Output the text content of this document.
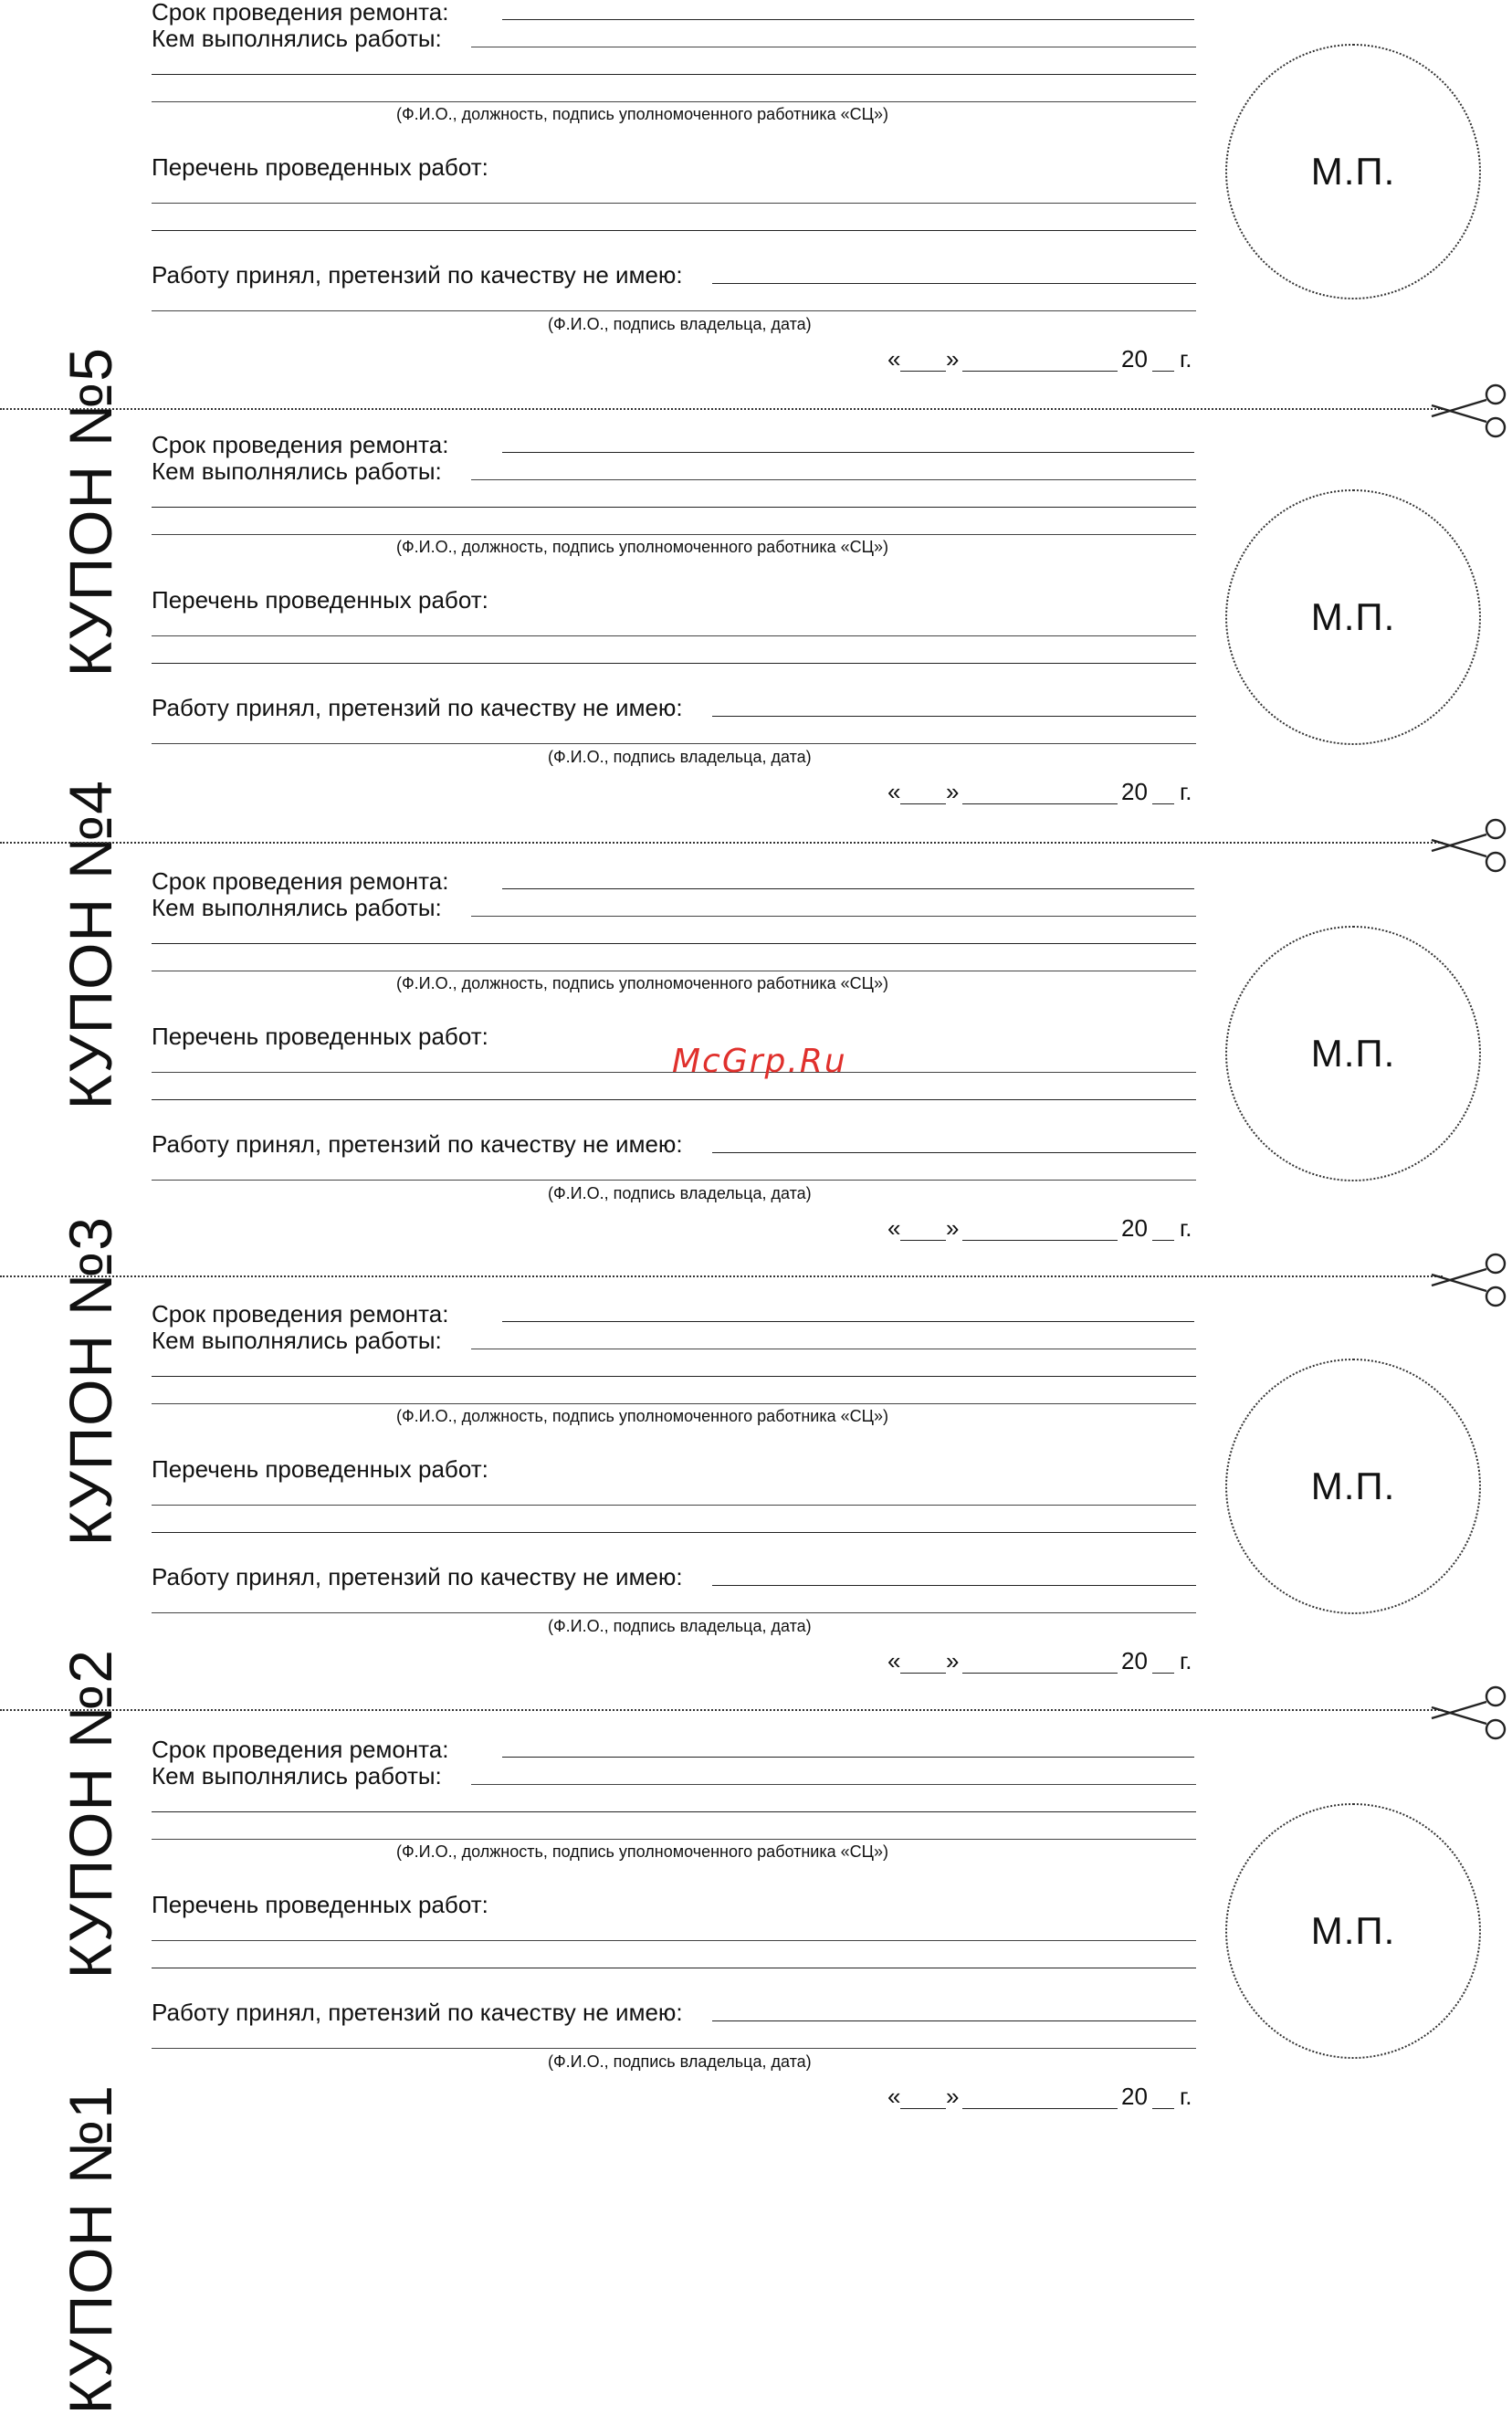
КУПОН №5
Срок проведения ремонта:
Кем выполнялись работы:
(Ф.И.О., должность, подпись уполномоченного работника «СЦ»)
Перечень проведенных работ:
Работу принял, претензий по качеству не имею:
(Ф.И.О., подпись владельца, дата)
« »	20 г.
М.П.
КУПОН №4
Срок проведения ремонта:
Кем выполнялись работы:
(Ф.И.О., должность, подпись уполномоченного работника «СЦ»)
Перечень проведенных работ:
Работу принял, претензий по качеству не имею:
(Ф.И.О., подпись владельца, дата)
« »	20 г.
М.П.
КУПОН №3
Срок проведения ремонта:
Кем выполнялись работы:
(Ф.И.О., должность, подпись уполномоченного работника «СЦ»)
Перечень проведенных работ:
Работу принял, претензий по качеству не имею:
(Ф.И.О., подпись владельца, дата)
« »	20 г.
М.П.
КУПОН №2
Срок проведения ремонта:
Кем выполнялись работы:
(Ф.И.О., должность, подпись уполномоченного работника «СЦ»)
Перечень проведенных работ:
Работу принял, претензий по качеству не имею:
(Ф.И.О., подпись владельца, дата)
« »	20 г.
М.П.
КУПОН №1
Срок проведения ремонта:
Кем выполнялись работы:
(Ф.И.О., должность, подпись уполномоченного работника «СЦ»)
Перечень проведенных работ:
Работу принял, претензий по качеству не имею:
(Ф.И.О., подпись владельца, дата)
« »	20 г.
М.П.
McGrp.Ru
